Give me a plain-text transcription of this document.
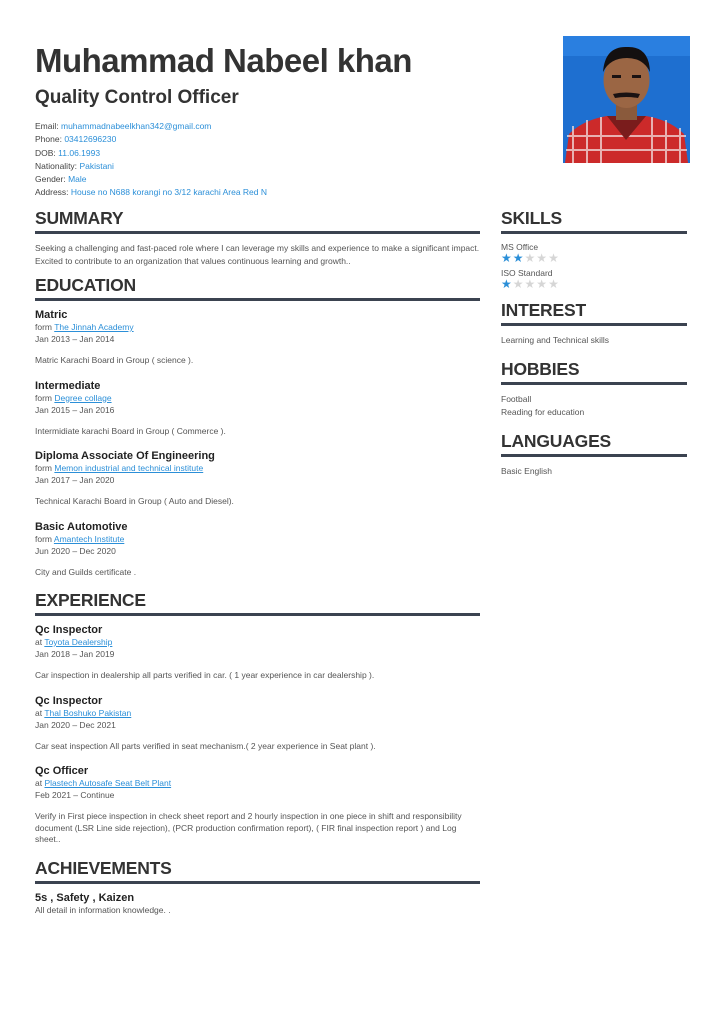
Muhammad Nabeel khan
Quality Control Officer
Email: muhammadnabeelkhan342@gmail.com
Phone: 03412696230
DOB: 11.06.1993
Nationality: Pakistani
Gender: Male
Address: House no N688 korangi no 3/12 karachi Area Red N
SUMMARY

Seeking a challenging and fast-paced role where I can leverage my skills and experience to make a significant impact. Excited to contribute to an organization that values continuous learning and growth..

EDUCATION

Matric

form The Jinnah Academy
Jan 2013 – Jan 2014
Matric Karachi Board in Group ( science ).

Intermediate

form Degree collage
Jan 2015 – Jan 2016
Intermidiate karachi Board in Group ( Commerce ).

Diploma Associate Of Engineering

form Memon industrial and technical institute
Jan 2017 – Jan 2020
Technical Karachi Board in Group ( Auto and Diesel).

Basic Automotive

form Amantech Institute
Jun 2020 – Dec 2020
City and Guilds certificate .
EXPERIENCE

Qc Inspector

at Toyota Dealership
Jan 2018 – Jan 2019
Car inspection in dealership all parts verified in car. ( 1 year experience in car dealership ).

Qc Inspector

at Thal Boshuko Pakistan
Jan 2020 – Dec 2021
Car seat inspection All parts verified in seat mechanism.( 2 year experience in Seat plant ).

Qc Officer

at Plastech Autosafe Seat Belt Plant
Feb 2021 – Continue
Verify in First piece inspection in check sheet report and 2 hourly inspection in one piece in shift and responsibility document (LSR Line side rejection), (PCR production confirmation report), ( FIR final inspection report ) and Log sheet..
ACHIEVEMENTS

5s , Safety , Kaizen

All detail in information knowledge. .
SKILLS
MS Office
★★★★★
ISO Standard
★★★★★
INTEREST
Learning and Technical skills
HOBBIES
Football
Reading for education
LANGUAGES
Basic English
